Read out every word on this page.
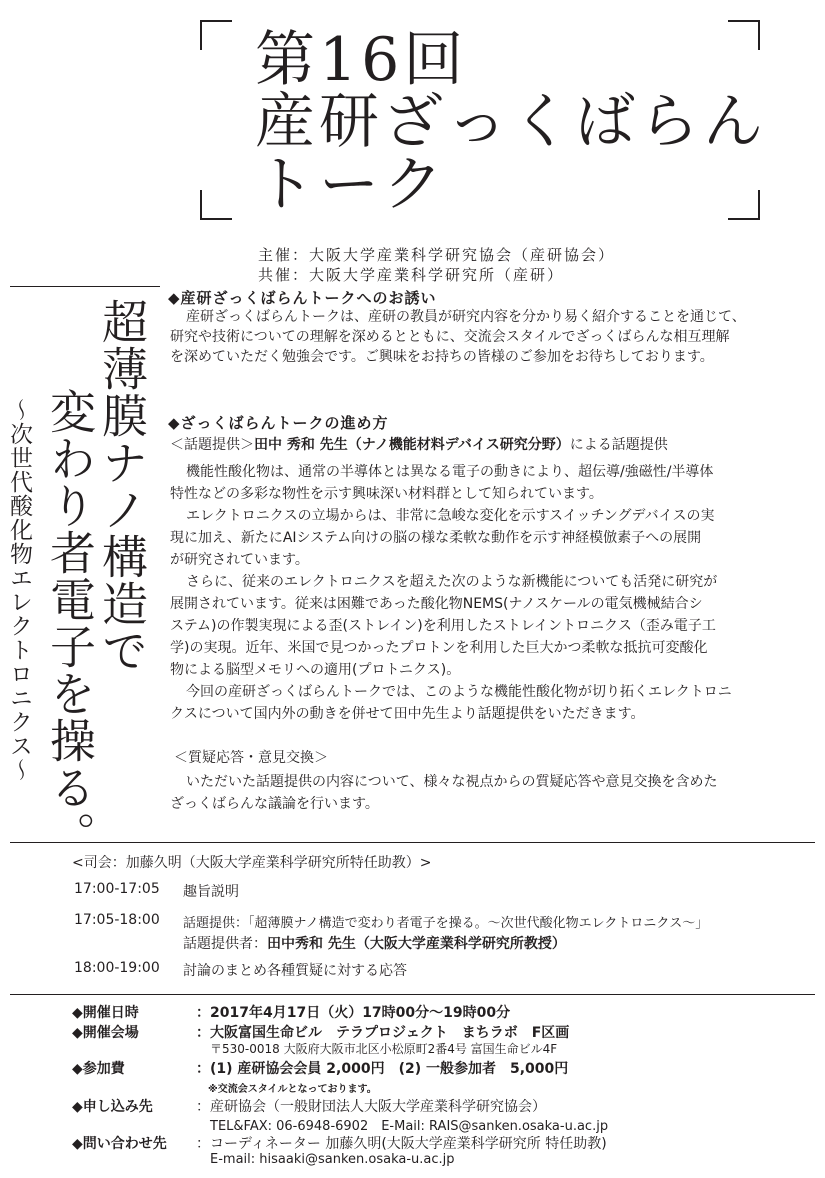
第16回
産研ざっくばらん
トーク
主催：大阪大学産業科学研究協会（産研協会）
共催：大阪大学産業科学研究所（産研）
超薄膜ナノ構造で
変わり者電子を操る。
～次世代酸化物エレクトロニクス～
◆産研ざっくばらんトークへのお誘い
産研ざっくばらんトークは、産研の教員が研究内容を分かり易く紹介することを通じて、
研究や技術についての理解を深めるとともに、交流会スタイルでざっくばらんな相互理解
を深めていただく勉強会です。ご興味をお持ちの皆様のご参加をお待ちしております。
◆ざっくばらんトークの進め方
＜話題提供＞田中 秀和 先生（ナノ機能材料デバイス研究分野）による話題提供
機能性酸化物は、通常の半導体とは異なる電子の動きにより、超伝導/強磁性/半導体
特性などの多彩な物性を示す興味深い材料群として知られています。
エレクトロニクスの立場からは、非常に急峻な変化を示すスイッチングデバイスの実
現に加え、新たにAIシステム向けの脳の様な柔軟な動作を示す神経模倣素子への展開
が研究されています。
さらに、従来のエレクトロニクスを超えた次のような新機能についても活発に研究が
展開されています。従来は困難であった酸化物NEMS(ナノスケールの電気機械結合シ
ステム)の作製実現による歪(ストレイン)を利用したストレイントロニクス（歪み電子工
学)の実現。近年、米国で見つかったプロトンを利用した巨大かつ柔軟な抵抗可変酸化
物による脳型メモリへの適用(プロトニクス)。
今回の産研ざっくばらんトークでは、このような機能性酸化物が切り拓くエレクトロニ
クスについて国内外の動きを併せて田中先生より話題提供をいただきます。
＜質疑応答・意見交換＞
いただいた話題提供の内容について、様々な視点からの質疑応答や意見交換を含めた
ざっくばらんな議論を行います。
<司会：加藤久明（大阪大学産業科学研究所特任助教）>
17:00-17:05 趣旨説明
17:05-18:00 話題提供：「超薄膜ナノ構造で変わり者電子を操る。～次世代酸化物エレクトロニクス～」
話題提供者：田中秀和 先生（大阪大学産業科学研究所教授）
18:00-19:00 討論のまとめ各種質疑に対する応答
◆開催日時	：2017年4月17日（火）17時00分～19時00分
◆開催会場	：大阪富国生命ビル　テラプロジェクト　まちラボ　F区画
〒530-0018 大阪府大阪市北区小松原町2番4号 富国生命ビル4F
◆参加費	：(1) 産研協会会員 2,000円　(2) 一般参加者　5,000円
※交流会スタイルとなっております。
◆申し込み先	：産研協会（一般財団法人大阪大学産業科学研究協会）
TEL&FAX: 06-6948-6902　E-Mail: RAIS@sanken.osaka-u.ac.jp
◆問い合わせ先 ：コーディネーター 加藤久明(大阪大学産業科学研究所 特任助教)
E-mail: hisaaki@sanken.osaka-u.ac.jp
